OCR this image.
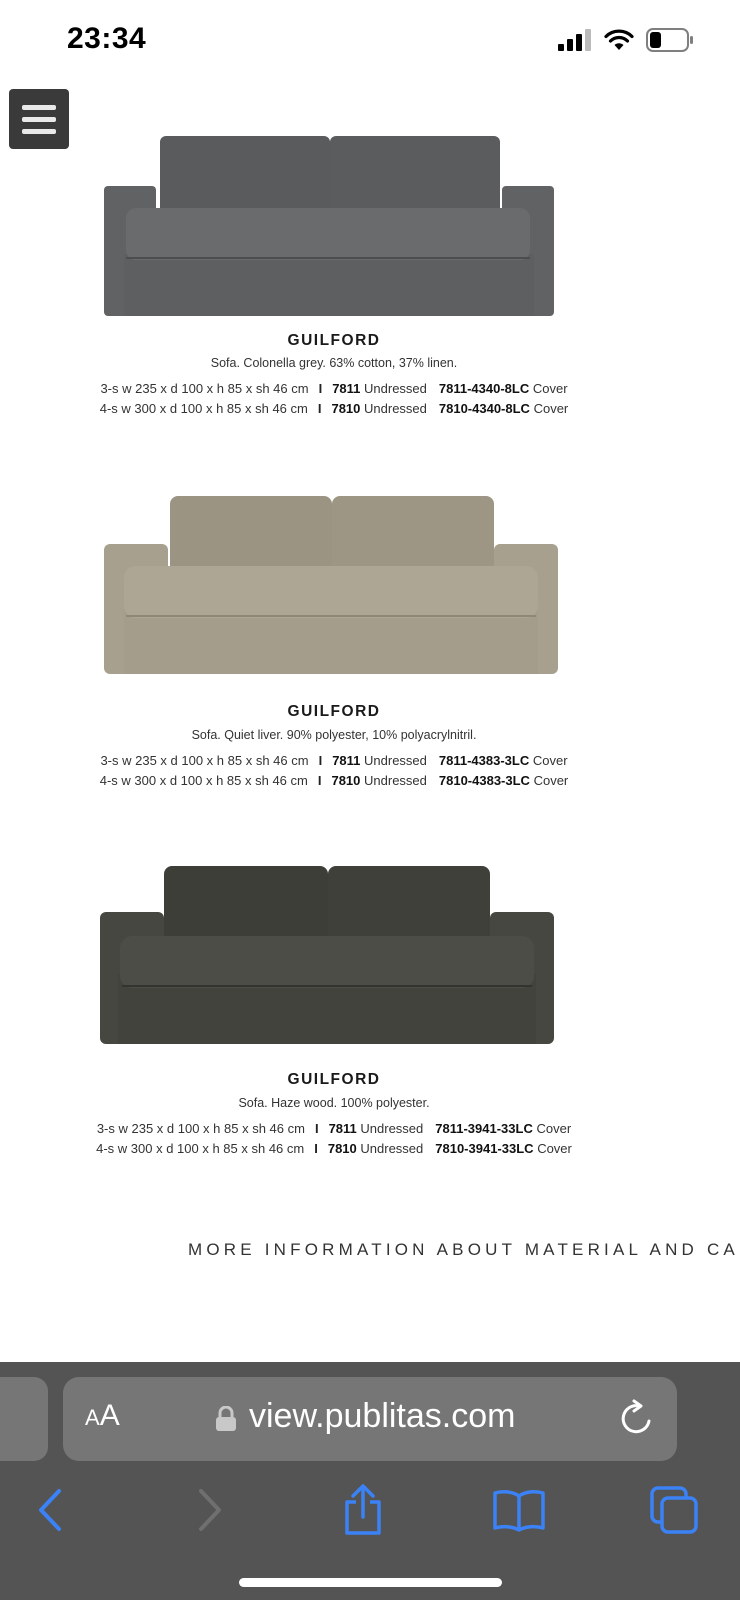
23:34
GUILFORD
Sofa. Colonella grey. 63% cotton, 37% linen.
3-s w 235 x d 100 x h 85 x sh 46 cm I 7811 Undressed 7811-4340-8LC Cover
4-s w 300 x d 100 x h 85 x sh 46 cm I 7810 Undressed 7810-4340-8LC Cover
GUILFORD
Sofa. Quiet liver. 90% polyester, 10% polyacrylnitril.
3-s w 235 x d 100 x h 85 x sh 46 cm I 7811 Undressed 7811-4383-3LC Cover
4-s w 300 x d 100 x h 85 x sh 46 cm I 7810 Undressed 7810-4383-3LC Cover
GUILFORD
Sofa. Haze wood. 100% polyester.
3-s w 235 x d 100 x h 85 x sh 46 cm I 7811 Undressed 7811-3941-33LC Cover
4-s w 300 x d 100 x h 85 x sh 46 cm I 7810 Undressed 7810-3941-33LC Cover
MORE INFORMATION ABOUT MATERIAL AND CA
AA	view.publitas.com
